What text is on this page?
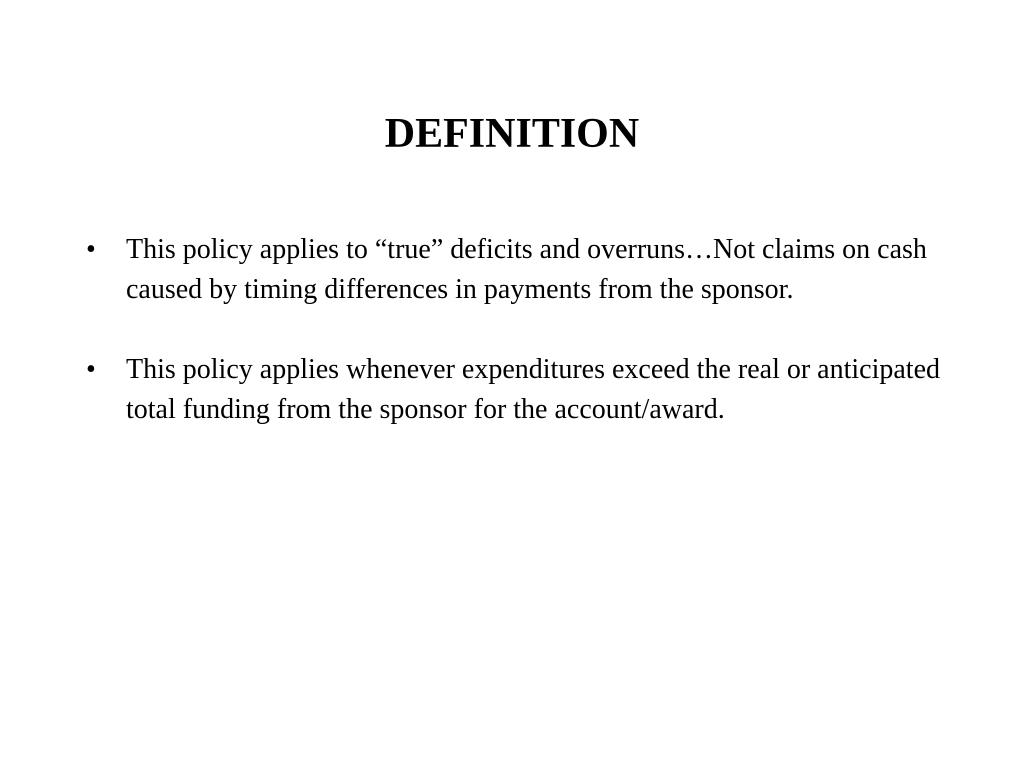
DEFINITION
•	This policy applies to “true” deficits and overruns…Not claims on cash caused by timing differences in payments from the sponsor.
•	This policy applies whenever expenditures exceed the real or anticipated total funding from the sponsor for the account/award.
